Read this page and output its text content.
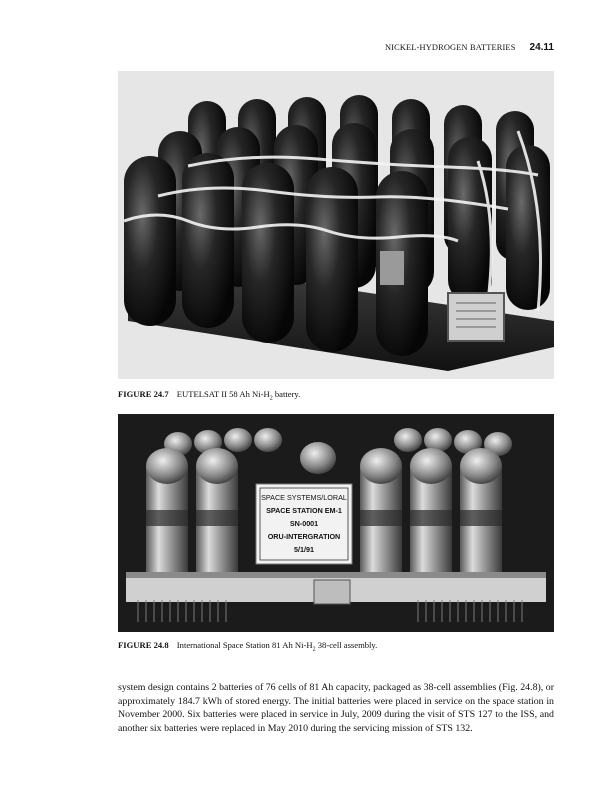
NICKEL-HYDROGEN BATTERIES 24.11
FIGURE 24.7 EUTELSAT II 58 Ah $Ni-H_2$ battery.
SPACE SYSTEMS/LORAL
SPACE STATION EM-1
SN-0001
ORU-INTERGRATION
5/1/91
FIGURE 24.8 International Space Station 81 Ah $Ni-H_2$ 38-cell assembly.

system design contains 2 batteries of 76 cells of 81 Ah capacity, packaged as 38-cell assemblies (Fig. 24.8), or approximately 184.7 kWh of stored energy. The initial batteries were placed in service on the space station in November 2000. Six batteries were placed in service in July, 2009 during the visit of STS 127 to the ISS, and another six batteries were replaced in May 2010 during the servicing mission of STS 132.
